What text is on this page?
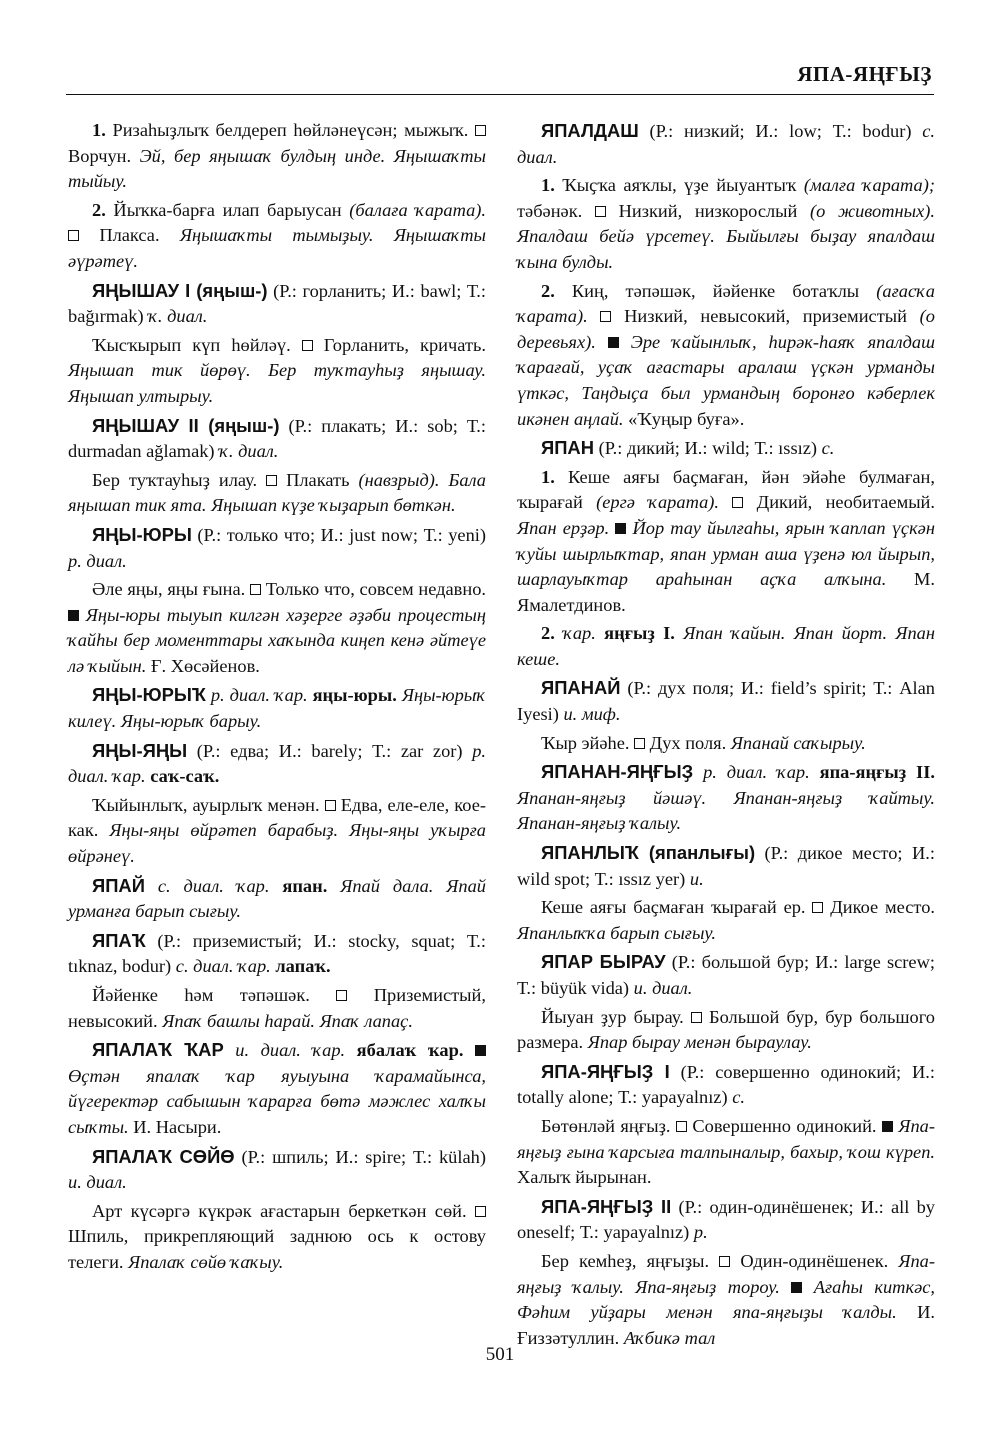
ЯПА-ЯҢҒЫҘ

1. Ризаһыҙлыҡ белдереп һөйләнеүсән; мыжыҡ.  Ворчун. Эй, бер яңышаҡ булдың инде. Яңышаҡты тыйыу.

2. Йыҡка-барға илап барыусан (балаға ҡарата).  Плакса. Яңышаҡты тымыҙыу. Яңышаҡты әүрәтеү.

ЯҢЫШАУ I (яңыш-) (Р.: горланить; И.: bawl; Т.: bağırmak) ҡ. диал.

Ҡысҡырып күп һөйләү. Горланить, кричать. Яңышап тик йөрөү. Бер туҡтауһыҙ яңышау. Яңышап ултырыу.

ЯҢЫШАУ II (яңыш-) (Р.: плакать; И.: sob; Т.: durmadan ağlamak) ҡ. диал.

Бер туҡтауһыҙ илау. Плакать (навзрыд). Бала яңышап тик ята. Яңышап күҙе ҡыҙарып бөткән.

ЯҢЫ-ЮРЫ (Р.: только что; И.: just now; Т.: yeni) р. диал.

Әле яңы, яңы ғына. Только что, совсем недавно.  Яңы-юры тыуып килгән хәҙерге әҙәби процестың ҡайһы бер моменттары хаҡында киңеп кенә әйтеүе лә ҡыйын. Ғ. Хөсәйенов.

ЯҢЫ-ЮРЫҠ р. диал. ҡар. яңы-юры. Яңы-юрыҡ килеү. Яңы-юрыҡ барыу.

ЯҢЫ-ЯҢЫ (Р.: едва; И.: barely; Т.: zar zor) р. диал. ҡар. саҡ-саҡ.

Ҡыйынлыҡ, ауырлыҡ менән. Едва, еле-еле, кое-как. Яңы-яңы өйрәтеп барабыҙ. Яңы-яңы уҡырға өйрәнеү.

ЯПАЙ с. диал. ҡар. япан. Япай дала. Япай урманға барып сығыу.

ЯПАҠ (Р.: приземистый; И.: stocky, squat; Т.: tıknaz, bodur) с. диал. ҡар. лапаҡ.

Йәйенке һәм тәпәшәк.	Приземистый, невысокий. Япаҡ башлы һарай. Япаҡ лапаҫ.

ЯПАЛАҠ ҠАР и. диал. ҡар. ябалаҡ ҡар.  Өҫтән япалаҡ ҡар яуыуына ҡарамайынса, йүгеректәр сабышын ҡарарға бөтә мәжлес халҡы сыҡты. И. Насыри.

ЯПАЛАҠ СӨЙӨ (Р.: шпиль; И.: spire; Т.: külah) и. диал.

Арт күсәргә күкрәк ағастарын беркеткән сөй.  Шпиль, прикрепляющий заднюю ось к остову телеги. Япалаҡ сөйө ҡаҡыу.

ЯПАЛДАШ (Р.: низкий; И.: low; Т.: bodur) с. диал.

1. Ҡыҫҡа аяҡлы, үҙе йыуантыҡ (малға ҡарата); тәбәнәк. Низкий, низкорослый (о животных). Япалдаш бейә үрсетеү. Быйылғы быҙау япалдаш ҡына булды.

2. Киң, тәпәшәк, йәйенке ботаҡлы (ағасҡа ҡарата). Низкий, невысокий, приземистый (о деревьях). Эре ҡайынлыҡ, һирәк-һаяҡ япалдаш ҡарағай, уҫаҡ ағастары аралаш үҫкән урманды үткәс, Таңдыҫа был урмандың боронғо кәберлек икәнен аңлай. «Ҡуңыр буға».

ЯПАН (Р.: дикий; И.: wild; Т.: ıssız) с.

1. Кеше аяғы баҫмаған, йән эйәһе булмаған, ҡырағай (ергә ҡарата). Дикий, необитаемый. Япан ерҙәр. Йор тау йылғаһы, ярын ҡаплап үҫкән ҡуйы шырлыҡтар, япан урман аша үҙенә юл йырып, шарлауыҡтар араһынан аҫҡа алҡына. М. Ямалетдинов.

2. ҡар. яңғыҙ I. Япан ҡайын. Япан йорт. Япан кеше.

ЯПАНАЙ (Р.: дух поля; И.: field’s spirit; Т.: Alan Iyesi) и. миф.

Ҡыр эйәһе. Дух поля. Япанай саҡырыу.

ЯПАНАН-ЯҢҒЫҘ р. диал. ҡар. япа-яңғыҙ II. Япанан-яңғыҙ йәшәү. Япанан-яңғыҙ ҡайтыу. Япанан-яңғыҙ ҡалыу.

ЯПАНЛЫҠ (япанлығы) (Р.: дикое место; И.: wild spot; Т.: ıssız yer) и.

Кеше аяғы баҫмаған ҡырағай ер. Дикое место. Япанлыҡҡа барып сығыу.

ЯПАР БЫРАУ (Р.: большой бур; И.: large screw; Т.: büyük vida) и. диал.

Йыуан ҙур бырау. Большой бур, бур большого размера. Япар бырау менән быраулау.

ЯПА-ЯҢҒЫҘ I (Р.: совершенно одинокий; И.: totally alone; Т.: yapayalnız) с.

Бөтөнләй яңғыҙ. Совершенно одинокий. Япа-яңғыҙ ғына ҡарсыға талпыналыр, бахыр, ҡош күреп. Халыҡ йырынан.

ЯПА-ЯҢҒЫҘ II (Р.: один-одинёшенек; И.: all by oneself; Т.: yapayalnız) р.

Бер кемһеҙ, яңғыҙы. Один-одинёшенек. Япа-яңғыҙ ҡалыу. Япа-яңғыҙ тороу. Ағаһы киткәс, Фәһим уйҙары менән япа-яңғыҙы ҡалды. И. Ғиззәтуллин. Аҡбикә тал

501
